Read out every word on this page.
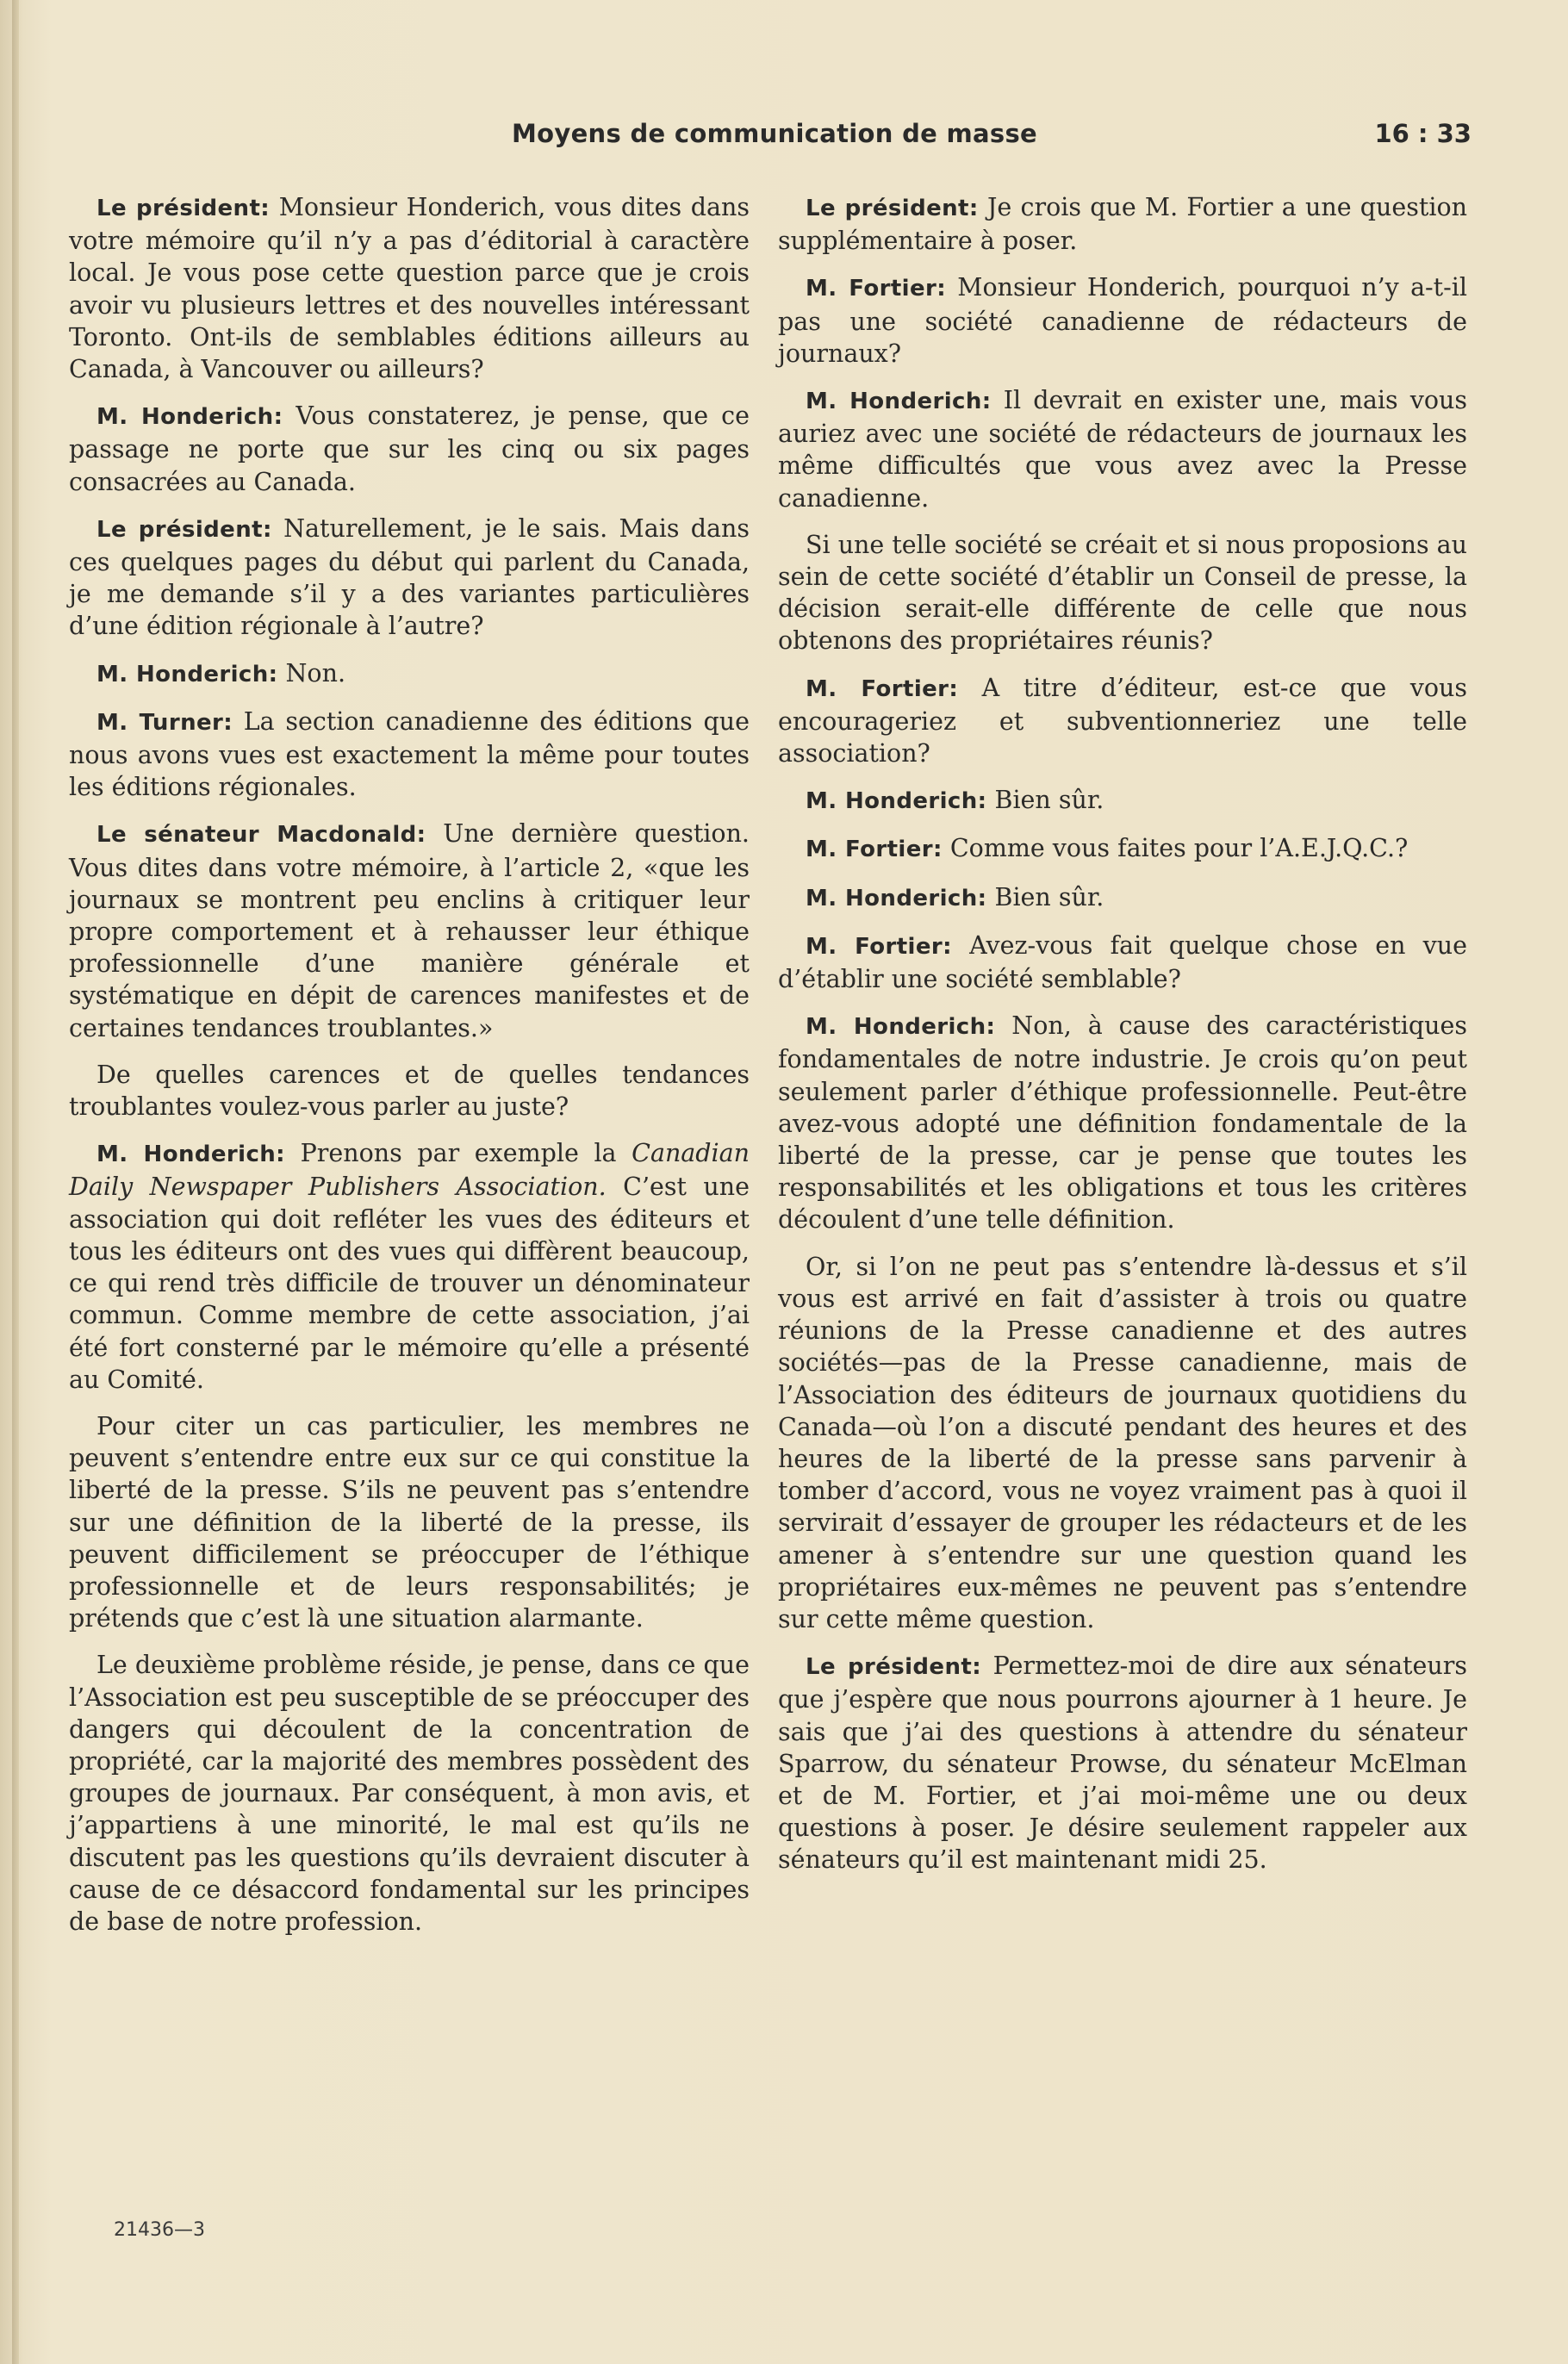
Moyens de communication de masse	16 : 33

Le président: Monsieur Honderich, vous dites dans votre mémoire qu’il n’y a pas d’éditorial à caractère local. Je vous pose cette question parce que je crois avoir vu plusieurs lettres et des nouvelles intéressant Toronto. Ont-ils de semblables éditions ailleurs au Canada, à Vancouver ou ailleurs?

M. Honderich: Vous constaterez, je pense, que ce passage ne porte que sur les cinq ou six pages consacrées au Canada.

Le président: Naturellement, je le sais. Mais dans ces quelques pages du début qui parlent du Canada, je me demande s’il y a des variantes particulières d’une édition régionale à l’autre?

M. Honderich: Non.

M. Turner: La section canadienne des éditions que nous avons vues est exactement la même pour toutes les éditions régionales.

Le sénateur Macdonald: Une dernière question. Vous dites dans votre mémoire, à l’article 2, «que les journaux se montrent peu enclins à critiquer leur propre comportement et à rehausser leur éthique professionnelle d’une manière générale et systématique en dépit de carences manifestes et de certaines tendances troublantes.»

De quelles carences et de quelles tendances troublantes voulez-vous parler au juste?

M. Honderich: Prenons par exemple la Canadian Daily Newspaper Publishers Association. C’est une association qui doit refléter les vues des éditeurs et tous les éditeurs ont des vues qui diffèrent beaucoup, ce qui rend très difficile de trouver un dénominateur commun. Comme membre de cette association, j’ai été fort consterné par le mémoire qu’elle a présenté au Comité.

Pour citer un cas particulier, les membres ne peuvent s’entendre entre eux sur ce qui constitue la liberté de la presse. S’ils ne peuvent pas s’entendre sur une définition de la liberté de la presse, ils peuvent difficilement se préoccuper de l’éthique professionnelle et de leurs responsabilités; je prétends que c’est là une situation alarmante.

Le deuxième problème réside, je pense, dans ce que l’Association est peu susceptible de se préoccuper des dangers qui découlent de la concentration de propriété, car la majorité des membres possèdent des groupes de journaux. Par conséquent, à mon avis, et j’appartiens à une minorité, le mal est qu’ils ne discutent pas les questions qu’ils devraient discuter à cause de ce désaccord fondamental sur les principes de base de notre profession.

Le président: Je crois que M. Fortier a une question supplémentaire à poser.

M. Fortier: Monsieur Honderich, pourquoi n’y a-t-il pas une société canadienne de rédacteurs de journaux?

M. Honderich: Il devrait en exister une, mais vous auriez avec une société de rédacteurs de journaux les même difficultés que vous avez avec la Presse canadienne.

Si une telle société se créait et si nous proposions au sein de cette société d’établir un Conseil de presse, la décision serait-elle différente de celle que nous obtenons des propriétaires réunis?

M. Fortier: A titre d’éditeur, est-ce que vous encourageriez et subventionneriez une telle association?

M. Honderich: Bien sûr.

M. Fortier: Comme vous faites pour l’A.E.J.Q.C.?

M. Honderich: Bien sûr.

M. Fortier: Avez-vous fait quelque chose en vue d’établir une société semblable?

M. Honderich: Non, à cause des caractéristiques fondamentales de notre industrie. Je crois qu’on peut seulement parler d’éthique professionnelle. Peut-être avez-vous adopté une définition fondamentale de la liberté de la presse, car je pense que toutes les responsabilités et les obligations et tous les critères découlent d’une telle définition.

Or, si l’on ne peut pas s’entendre là-dessus et s’il vous est arrivé en fait d’assister à trois ou quatre réunions de la Presse canadienne et des autres sociétés—pas de la Presse canadienne, mais de l’Association des éditeurs de journaux quotidiens du Canada—où l’on a discuté pendant des heures et des heures de la liberté de la presse sans parvenir à tomber d’accord, vous ne voyez vraiment pas à quoi il servirait d’essayer de grouper les rédacteurs et de les amener à s’entendre sur une question quand les propriétaires eux-mêmes ne peuvent pas s’entendre sur cette même question.

Le président: Permettez-moi de dire aux sénateurs que j’espère que nous pourrons ajourner à 1 heure. Je sais que j’ai des questions à attendre du sénateur Sparrow, du sénateur Prowse, du sénateur McElman et de M. Fortier, et j’ai moi-même une ou deux questions à poser. Je désire seulement rappeler aux sénateurs qu’il est maintenant midi 25.

21436—3
